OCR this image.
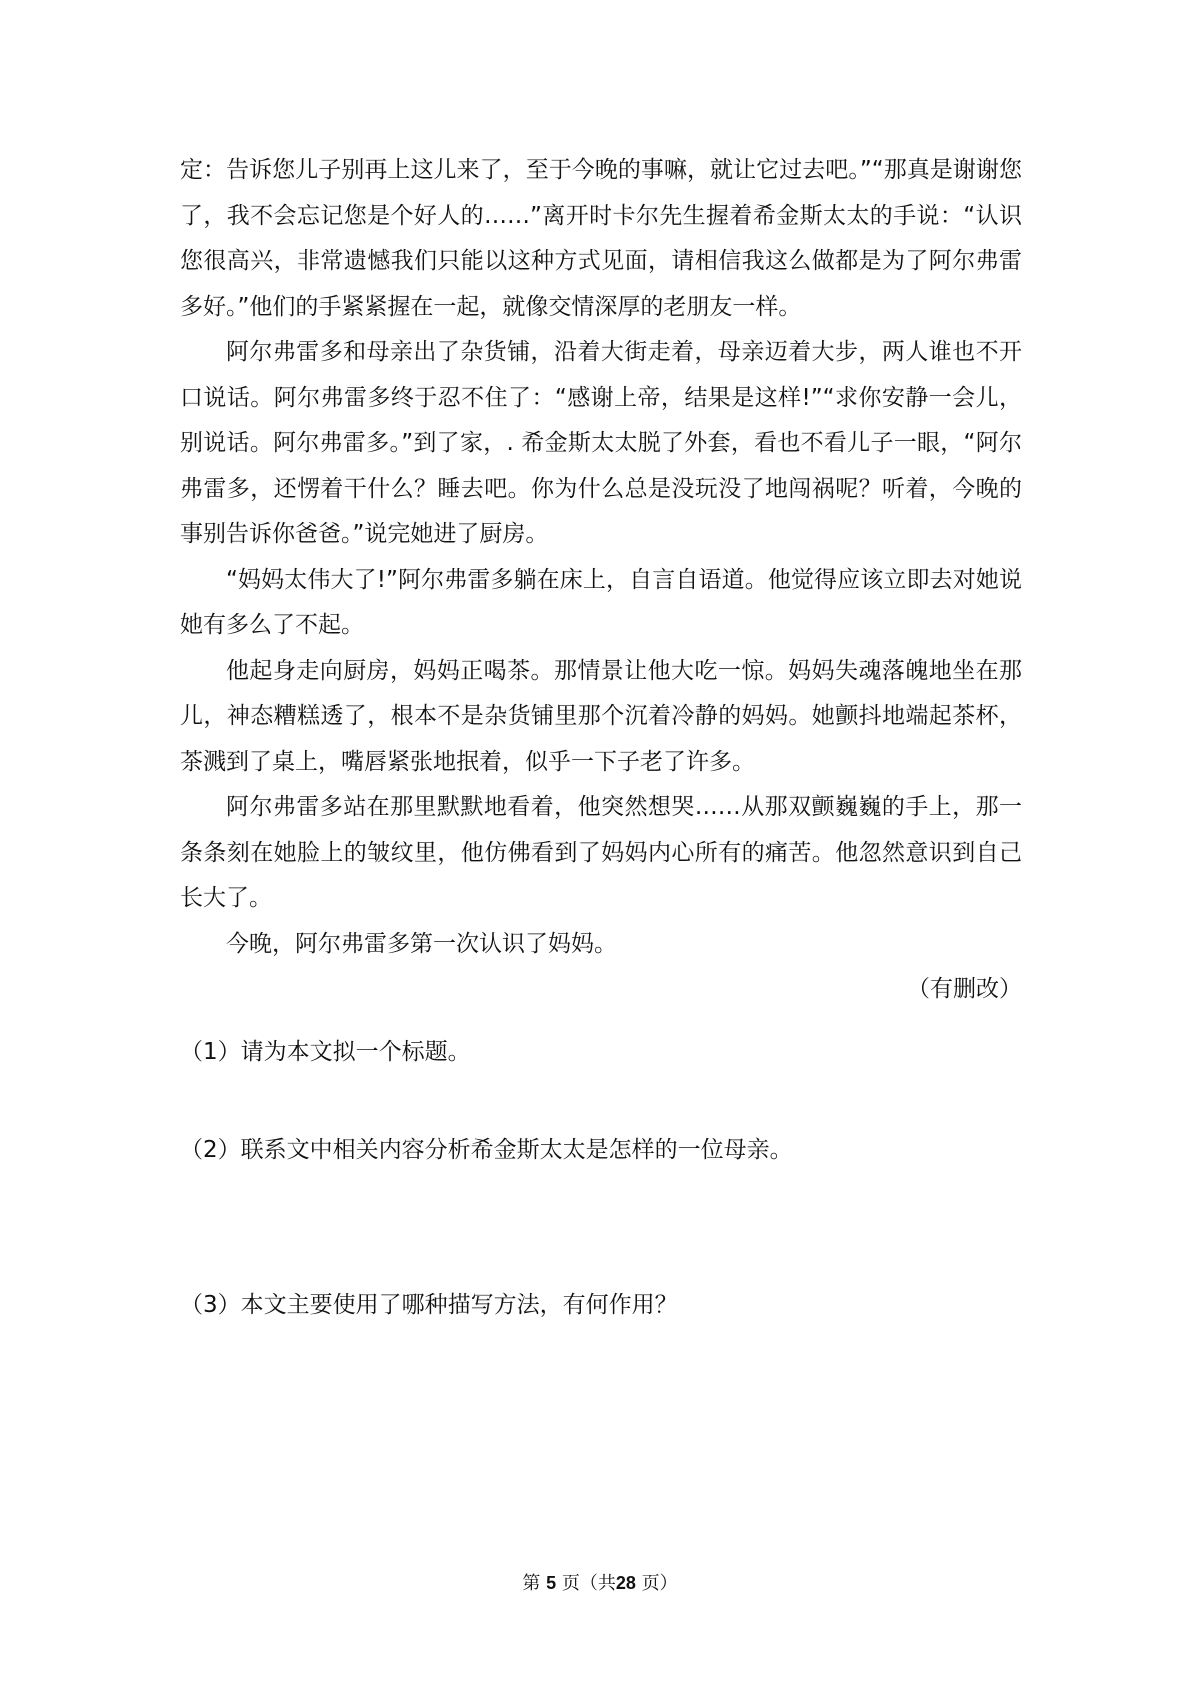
定：告诉您儿子别再上这儿来了，至于今晚的事嘛，就让它过去吧。”“那真是谢谢您了，我不会忘记您是个好人的……”离开时卡尔先生握着希金斯太太的手说：“认识您很高兴，非常遗憾我们只能以这种方式见面，请相信我这么做都是为了阿尔弗雷多好。”他们的手紧紧握在一起，就像交情深厚的老朋友一样。

阿尔弗雷多和母亲出了杂货铺，沿着大街走着，母亲迈着大步，两人谁也不开口说话。阿尔弗雷多终于忍不住了：“感谢上帝，结果是这样!”“求你安静一会儿，别说话。阿尔弗雷多。”到了家，. 希金斯太太脱了外套，看也不看儿子一眼，“阿尔弗雷多，还愣着干什么？睡去吧。你为什么总是没玩没了地闯祸呢？听着，今晚的事别告诉你爸爸。”说完她进了厨房。

“妈妈太伟大了!”阿尔弗雷多躺在床上，自言自语道。他觉得应该立即去对她说她有多么了不起。

他起身走向厨房，妈妈正喝茶。那情景让他大吃一惊。妈妈失魂落魄地坐在那儿，神态糟糕透了，根本不是杂货铺里那个沉着冷静的妈妈。她颤抖地端起茶杯，茶溅到了桌上，嘴唇紧张地抿着，似乎一下子老了许多。

阿尔弗雷多站在那里默默地看着，他突然想哭……从那双颤巍巍的手上，那一条条刻在她脸上的皱纹里，他仿佛看到了妈妈内心所有的痛苦。他忽然意识到自己长大了。

今晚，阿尔弗雷多第一次认识了妈妈。

（有删改）

（1）请为本文拟一个标题。
（2）联系文中相关内容分析希金斯太太是怎样的一位母亲。
（3）本文主要使用了哪种描写方法，有何作用？
第 5 页（共28 页）
